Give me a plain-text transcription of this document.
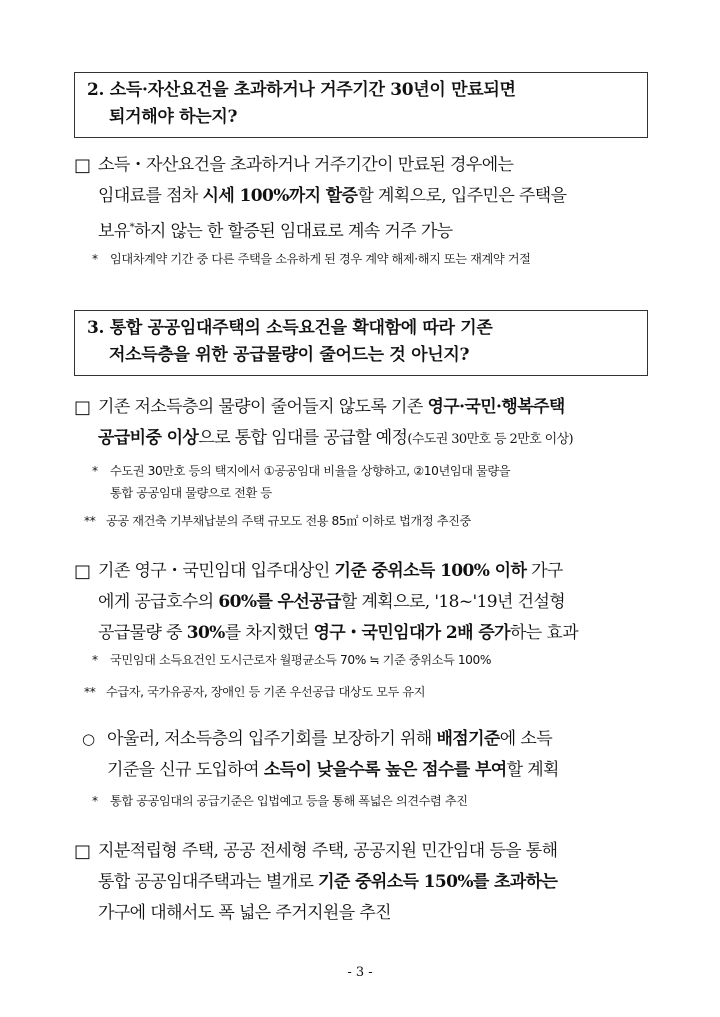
2. 소득·자산요건을 초과하거나 거주기간 30년이 만료되면
퇴거해야 하는지?
□ 소득・자산요건을 초과하거나 거주기간이 만료된 경우에는
임대료를 점차 시세 100%까지 할증할 계획으로, 입주민은 주택을
보유*하지 않는 한 할증된 임대료로 계속 거주 가능
*	임대차계약 기간 중 다른 주택을 소유하게 된 경우 계약 해제·해지 또는 재계약 거절
3. 통합 공공임대주택의 소득요건을 확대함에 따라 기존
저소득층을 위한 공급물량이 줄어드는 것 아닌지?
□ 기존 저소득층의 물량이 줄어들지 않도록 기존 영구·국민·행복주택
공급비중 이상으로 통합 임대를 공급할 예정(수도권 30만호 등 2만호 이상)
*	수도권 30만호 등의 택지에서 ①공공임대 비율을 상향하고, ②10년임대 물량을
통합 공공임대 물량으로 전환 등
** 공공 재건축 기부채납분의 주택 규모도 전용 85㎡ 이하로 법개정 추진중
□ 기존 영구・국민임대 입주대상인 기준 중위소득 100% 이하 가구
에게 공급호수의 60%를 우선공급할 계획으로, '18~'19년 건설형
공급물량 중 30%를 차지했던 영구・국민임대가 2배 증가하는 효과
*	국민임대 소득요건인 도시근로자 월평균소득 70% ≒ 기준 중위소득 100%
** 수급자, 국가유공자, 장애인 등 기존 우선공급 대상도 모두 유지
○ 아울러, 저소득층의 입주기회를 보장하기 위해 배점기준에 소득
기준을 신규 도입하여 소득이 낮을수록 높은 점수를 부여할 계획
*	통합 공공임대의 공급기준은 입법예고 등을 통해 폭넓은 의견수렴 추진
□ 지분적립형 주택, 공공 전세형 주택, 공공지원 민간임대 등을 통해
통합 공공임대주택과는 별개로 기준 중위소득 150%를 초과하는
가구에 대해서도 폭 넓은 주거지원을 추진
- 3 -
